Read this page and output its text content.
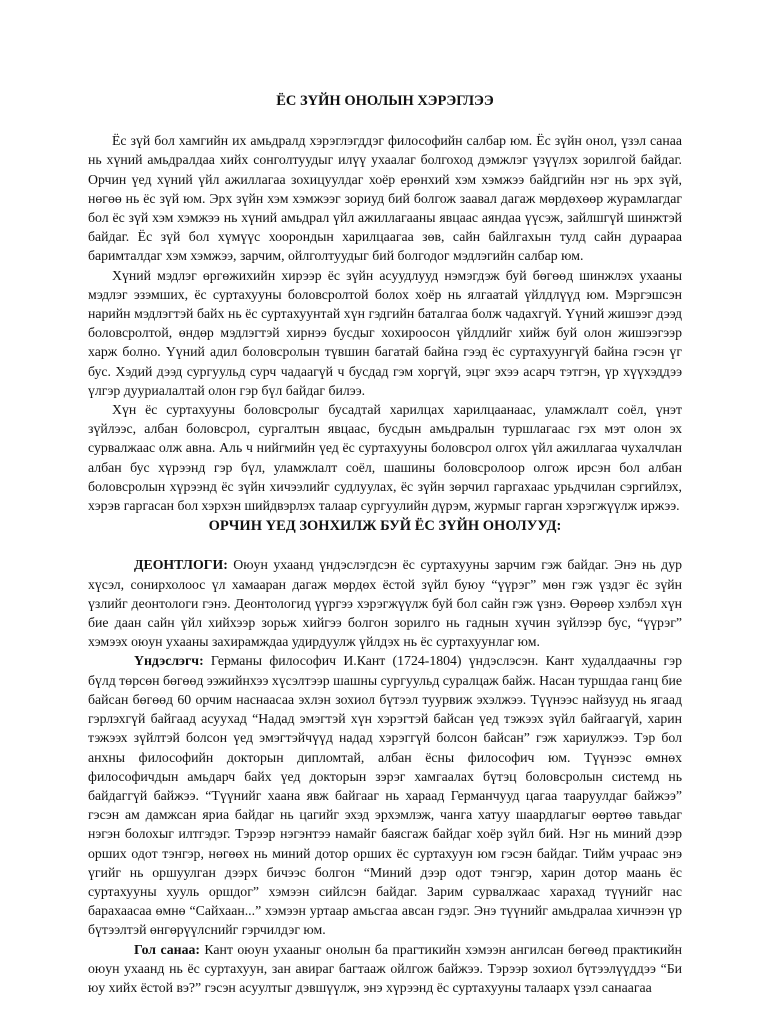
ЁС ЗҮЙН ОНОЛЫН ХЭРЭГЛЭЭ

Ёс зүй бол хамгийн их амьдралд хэрэглэгддэг философийн салбар юм. Ёс зүйн онол, үзэл санаа нь хүний амьдралдаа хийх сонголтуудыг илүү ухаалаг болгоход дэмжлэг үзүүлэх зорилгой байдаг. Орчин үед хүний үйл ажиллагаа зохицуулдаг хоёр ерөнхий хэм хэмжээ байдгийн нэг нь эрх зүй, нөгөө нь ёс зүй юм. Эрх зүйн хэм хэмжээг зориуд бий болгож заавал дагаж мөрдөхөөр журамлагдаг бол ёс зүй хэм хэмжээ нь хүний амьдрал үйл ажиллагааны явцаас аяндаа үүсэж, зайлшгүй шинжтэй байдаг. Ёс зүй бол хүмүүс хоорондын харилцаагаа зөв, сайн байлгахын тулд сайн дураараа баримталдаг хэм хэмжээ, зарчим, ойлголтуудыг бий болгодог мэдлэгийн салбар юм.

Хүний мэдлэг өргөжихийн хирээр ёс зүйн асуудлууд нэмэгдэж буй бөгөөд шинжлэх ухааны мэдлэг эзэмших, ёс суртахууны боловсролтой болох хоёр нь ялгаатай үйлдлүүд юм. Мэргэшсэн нарийн мэдлэгтэй байх нь ёс суртахуунтай хүн гэдгийн баталгаа болж чадахгүй. Үүний жишээг дээд боловсролтой, өндөр мэдлэгтэй хирнээ бусдыг хохироосон үйлдлийг хийж буй олон жишээгээр харж болно. Үүний адил боловсролын түвшин багатай байна гээд ёс суртахуунгүй байна гэсэн үг бус. Хэдий дээд сургуульд сурч чадаагүй ч бусдад гэм хоргүй, эцэг эхээ асарч тэтгэн, үр хүүхэддээ үлгэр дууриалалтай олон гэр бүл байдаг билээ.

Хүн ёс суртахууны боловсролыг бусадтай харилцах харилцаанаас, уламжлалт соёл, үнэт зүйлээс, албан боловсрол, сургалтын явцаас, бусдын амьдралын туршлагаас гэх мэт олон эх сурвалжаас олж авна. Аль ч нийгмийн үед ёс суртахууны боловсрол олгох үйл ажиллагаа чухалчлан албан бус хүрээнд гэр бүл, уламжлалт соёл, шашины боловсролоор олгож ирсэн бол албан боловсролын хүрээнд ёс зүйн хичээлийг судлуулах, ёс зүйн зөрчил гаргахаас урьдчилан сэргийлэх, хэрэв гаргасан бол хэрхэн шийдвэрлэх талаар сургуулийн дүрэм, журмыг гарган хэрэгжүүлж иржээ.

ОРЧИН ҮЕД ЗОНХИЛЖ БУЙ ЁС ЗҮЙН ОНОЛУУД:

ДЕОНТЛОГИ: Оюун ухаанд үндэслэгдсэн ёс суртахууны зарчим гэж байдаг. Энэ нь дур хүсэл, сонирхолоос үл хамааран дагаж мөрдөх ёстой зүйл буюу “үүрэг” мөн гэж үздэг ёс зүйн үзлийг деонтологи гэнэ. Деонтологид үүргээ хэрэгжүүлж буй бол сайн гэж үзнэ. Өөрөөр хэлбэл хүн бие даан сайн үйл хийхээр зорьж хийгээ болгон зорилго нь гаднын хүчин зүйлээр бус, “үүрэг” хэмээх оюун ухааны захирамждаа удирдуулж үйлдэх нь ёс суртахуунлаг юм.

Үндэслэгч: Германы философич И.Кант (1724-1804) үндэслэсэн. Кант худалдаачны гэр бүлд төрсөн бөгөөд ээжийнхээ хүсэлтээр шашны сургуульд суралцаж байж. Насан туршдаа ганц бие байсан бөгөөд 60 орчим наснаасаа эхлэн зохиол бүтээл туурвиж эхэлжээ. Түүнээс найзууд нь ягаад гэрлэхгүй байгаад асуухад “Надад эмэгтэй хүн хэрэгтэй байсан үед тэжээх зүйл байгаагүй, харин тэжээх зүйлтэй болсон үед эмэгтэйчүүд надад хэрэггүй болсон байсан” гэж хариулжээ. Тэр бол анхны философийн докторын дипломтай, албан ёсны философич юм. Түүнээс өмнөх философичдын амьдарч байх үед докторын зэрэг хамгаалах бүтэц боловсролын системд нь байдаггүй байжээ. “Түүнийг хаана явж байгааг нь хараад Германчууд цагаа тааруулдаг байжээ” гэсэн ам дамжсан яриа байдаг нь цагийг эхэд эрхэмлэж, чанга хатуу шаардлагыг өөртөө тавьдаг нэгэн болохыг илтгэдэг. Тэрээр нэгэнтээ намайг баясгаж байдаг хоёр зүйл бий. Нэг нь миний дээр орших одот тэнгэр, нөгөөх нь миний дотор орших ёс суртахуун юм гэсэн байдаг. Тийм учраас энэ үгийг нь оршуулган дээрх бичээс болгон “Миний дээр одот тэнгэр, харин дотор маань ёс суртахууны хууль оршдог” хэмээн сийлсэн байдаг. Зарим сурвалжаас харахад түүнийг нас барахаасаа өмнө “Сайхаан...” хэмээн уртаар амьсгаа авсан гэдэг. Энэ түүнийг амьдралаа хичнээн үр бүтээлтэй өнгөрүүлснийг гэрчилдэг юм.

Гол санаа: Кант оюун ухааныг онолын ба прагтикийн хэмээн ангилсан бөгөөд практикийн оюун ухаанд нь ёс суртахуун, зан авираг багтааж ойлгож байжээ. Тэрээр зохиол бүтээлүүддээ “Би юу хийх ёстой вэ?” гэсэн асуултыг дэвшүүлж, энэ хүрээнд ёс суртахууны талаарх үзэл санаагаа
